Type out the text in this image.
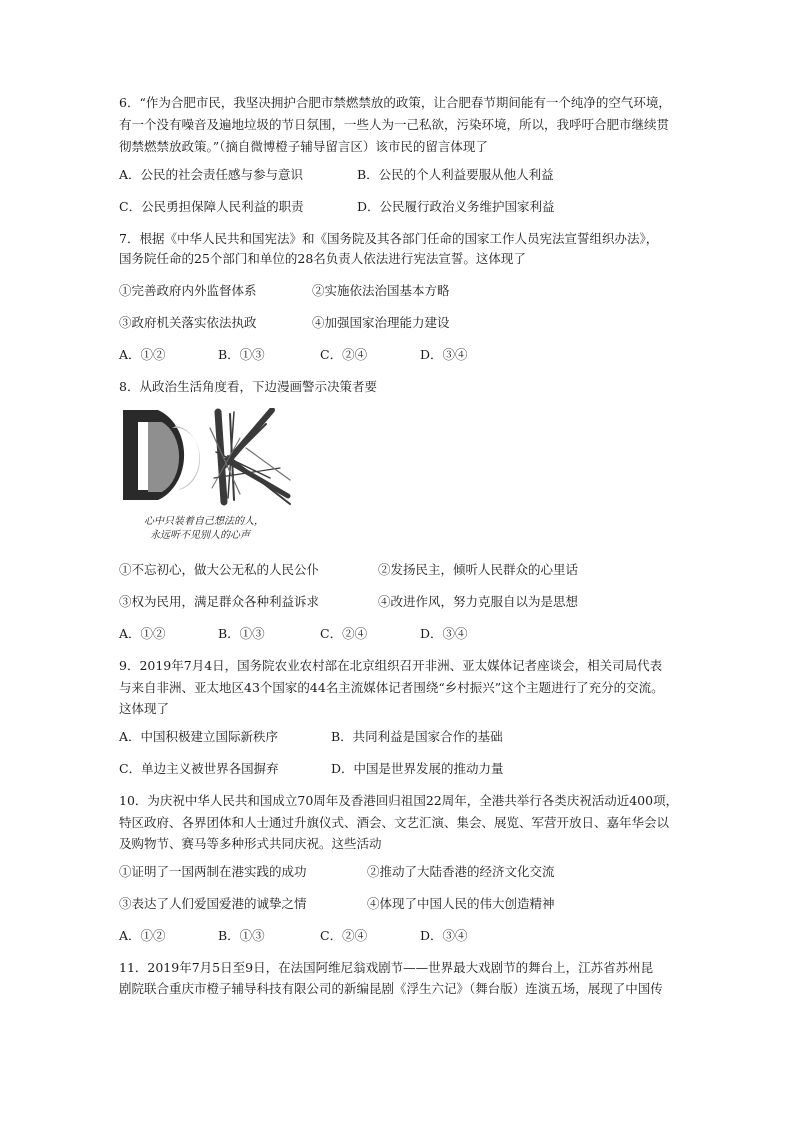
6．“作为合肥市民，我坚决拥护合肥市禁燃禁放的政策，让合肥春节期间能有一个纯净的空气环境，
有一个没有噪音及遍地垃圾的节日氛围，一些人为一己私欲，污染环境，所以，我呼吁合肥市继续贯
彻禁燃禁放政策。”（摘自微博橙子辅导留言区）该市民的留言体现了
A．公民的社会责任感与参与意识	B．公民的个人利益要服从他人利益
C．公民勇担保障人民利益的职责	D．公民履行政治义务维护国家利益
7．根据《中华人民共和国宪法》和《国务院及其各部门任命的国家工作人员宪法宣誓组织办法》，
国务院任命的25个部门和单位的28名负责人依法进行宪法宣誓。这体现了
①完善政府内外监督体系	②实施依法治国基本方略
③政府机关落实依法执政	④加强国家治理能力建设
A．①②	B．①③	C．②④	D．③④
8．从政治生活角度看，下边漫画警示决策者要
心中只装着自己想法的人，
永远听不见别人的心声
①不忘初心，做大公无私的人民公仆	②发扬民主，倾听人民群众的心里话
③权为民用，满足群众各种利益诉求	④改进作风，努力克服自以为是思想
A．①②	B．①③	C．②④	D．③④
9．2019年7月4日，国务院农业农村部在北京组织召开非洲、亚太媒体记者座谈会，相关司局代表
与来自非洲、亚太地区43个国家的44名主流媒体记者围绕“乡村振兴”这个主题进行了充分的交流。
这体现了
A．中国积极建立国际新秩序	B．共同利益是国家合作的基础
C．单边主义被世界各国摒弃	D．中国是世界发展的推动力量
10．为庆祝中华人民共和国成立70周年及香港回归祖国22周年，全港共举行各类庆祝活动近400项，
特区政府、各界团体和人士通过升旗仪式、酒会、文艺汇演、集会、展览、军营开放日、嘉年华会以
及购物节、赛马等多种形式共同庆祝。这些活动
①证明了一国两制在港实践的成功	②推动了大陆香港的经济文化交流
③表达了人们爱国爱港的诚挚之情	④体现了中国人民的伟大创造精神
A．①②	B．①③	C．②④	D．③④
11．2019年7月5日至9日，在法国阿维尼翁戏剧节——世界最大戏剧节的舞台上，江苏省苏州昆
剧院联合重庆市橙子辅导科技有限公司的新编昆剧《浮生六记》（舞台版）连演五场，展现了中国传
